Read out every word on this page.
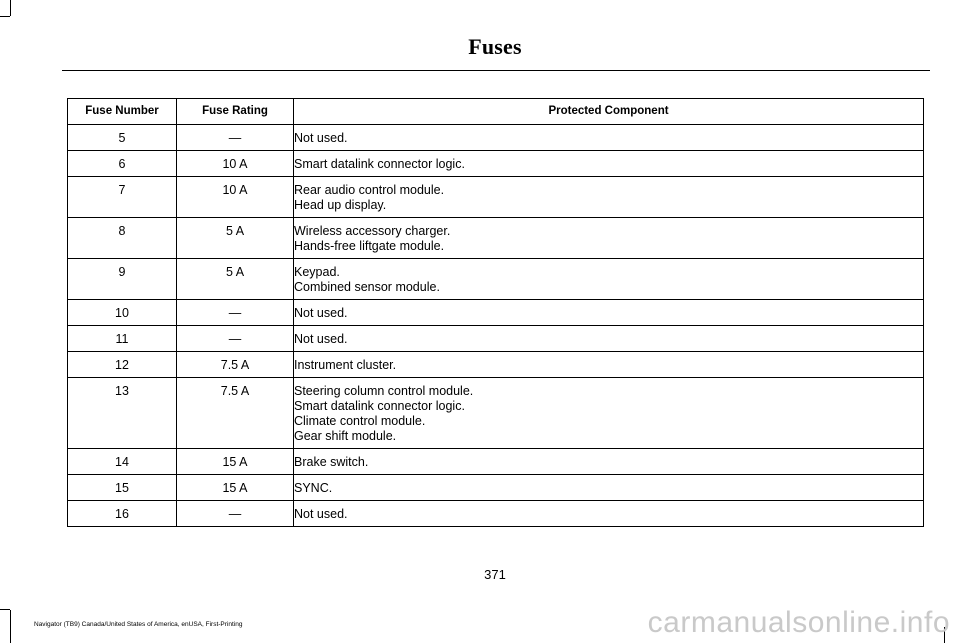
Fuses
Fuse Number	Fuse Rating	Protected Component
5	—	Not used.

6	10 A	Smart datalink connector logic.

7	10 A	Rear audio control module.
Head up display.

8	5 A	Wireless accessory charger.
Hands-free liftgate module.

9	5 A	Keypad.
Combined sensor module.

10	—	Not used.

11	—	Not used.

12	7.5 A	Instrument cluster.

13	7.5 A	Steering column control module.
Smart datalink connector logic.
Climate control module.
Gear shift module.

14	15 A	Brake switch.

15	15 A	SYNC.

16	—	Not used.
371
Navigator (TB9) Canada/United States of America, enUSA, First-Printing	carmanualsonline.info
